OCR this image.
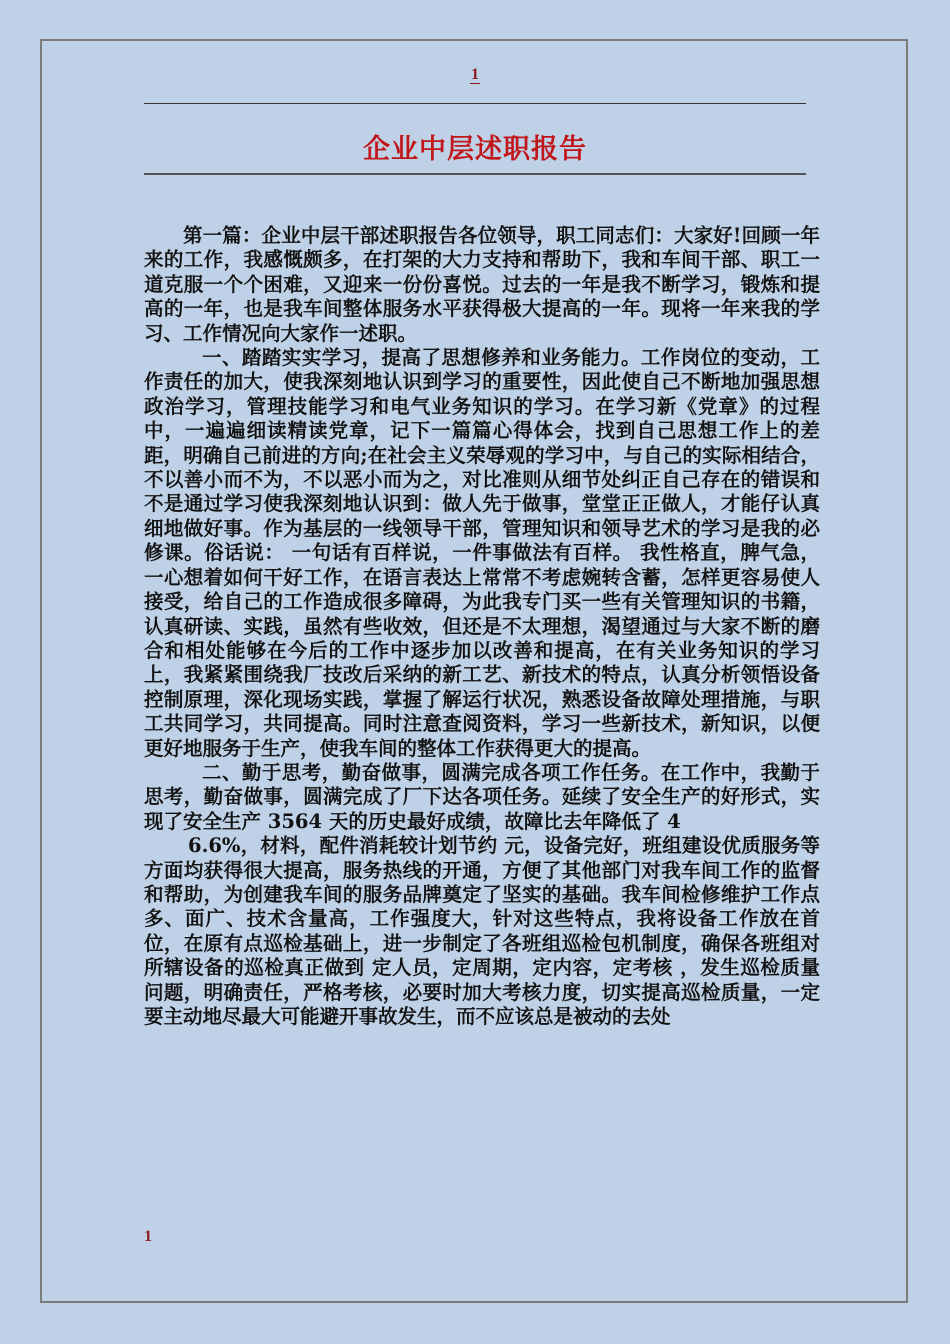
1
企业中层述职报告

第一篇：企业中层干部述职报告各位领导，职工同志们：大家好!回顾一年来的工作，我感慨颇多，在打架的大力支持和帮助下，我和车间干部、职工一道克服一个个困难，又迎来一份份喜悦。过去的一年是我不断学习，锻炼和提高的一年，也是我车间整体服务水平获得极大提高的一年。现将一年来我的学习、工作情况向大家作一述职。

一、踏踏实实学习，提高了思想修养和业务能力。工作岗位的变动，工作责任的加大，使我深刻地认识到学习的重要性，因此使自己不断地加强思想政治学习，管理技能学习和电气业务知识的学习。在学习新《党章》的过程中，一遍遍细读精读党章，记下一篇篇心得体会，找到自己思想工作上的差距，明确自己前进的方向;在社会主义荣辱观的学习中，与自己的实际相结合，不以善小而不为，不以恶小而为之，对比准则从细节处纠正自己存在的错误和不是通过学习使我深刻地认识到：做人先于做事，堂堂正正做人，才能仔认真细地做好事。作为基层的一线领导干部，管理知识和领导艺术的学习是我的必修课。俗话说： 一句话有百样说，一件事做法有百样。 我性格直，脾气急，一心想着如何干好工作，在语言表达上常常不考虑婉转含蓄，怎样更容易使人接受，给自己的工作造成很多障碍，为此我专门买一些有关管理知识的书籍，认真研读、实践，虽然有些收效，但还是不太理想，渴望通过与大家不断的磨合和相处能够在今后的工作中逐步加以改善和提高，在有关业务知识的学习上，我紧紧围绕我厂技改后采纳的新工艺、新技术的特点，认真分析领悟设备控制原理，深化现场实践，掌握了解运行状况，熟悉设备故障处理措施，与职工共同学习，共同提高。同时注意查阅资料，学习一些新技术，新知识，以便更好地服务于生产，使我车间的整体工作获得更大的提高。

二、勤于思考，勤奋做事，圆满完成各项工作任务。在工作中，我勤于思考，勤奋做事，圆满完成了厂下达各项任务。延续了安全生产的好形式，实现了安全生产 3564 天的历史最好成绩，故障比去年降低了 4

6.6%，材料，配件消耗较计划节约 元，设备完好，班组建设优质服务等方面均获得很大提高，服务热线的开通，方便了其他部门对我车间工作的监督和帮助，为创建我车间的服务品牌奠定了坚实的基础。我车间检修维护工作点多、面广、技术含量高，工作强度大，针对这些特点，我将设备工作放在首位，在原有点巡检基础上，进一步制定了各班组巡检包机制度，确保各班组对所辖设备的巡检真正做到 定人员，定周期，定内容，定考核 ，发生巡检质量问题，明确责任，严格考核，必要时加大考核力度，切实提高巡检质量，一定要主动地尽最大可能避开事故发生，而不应该总是被动的去处

1
